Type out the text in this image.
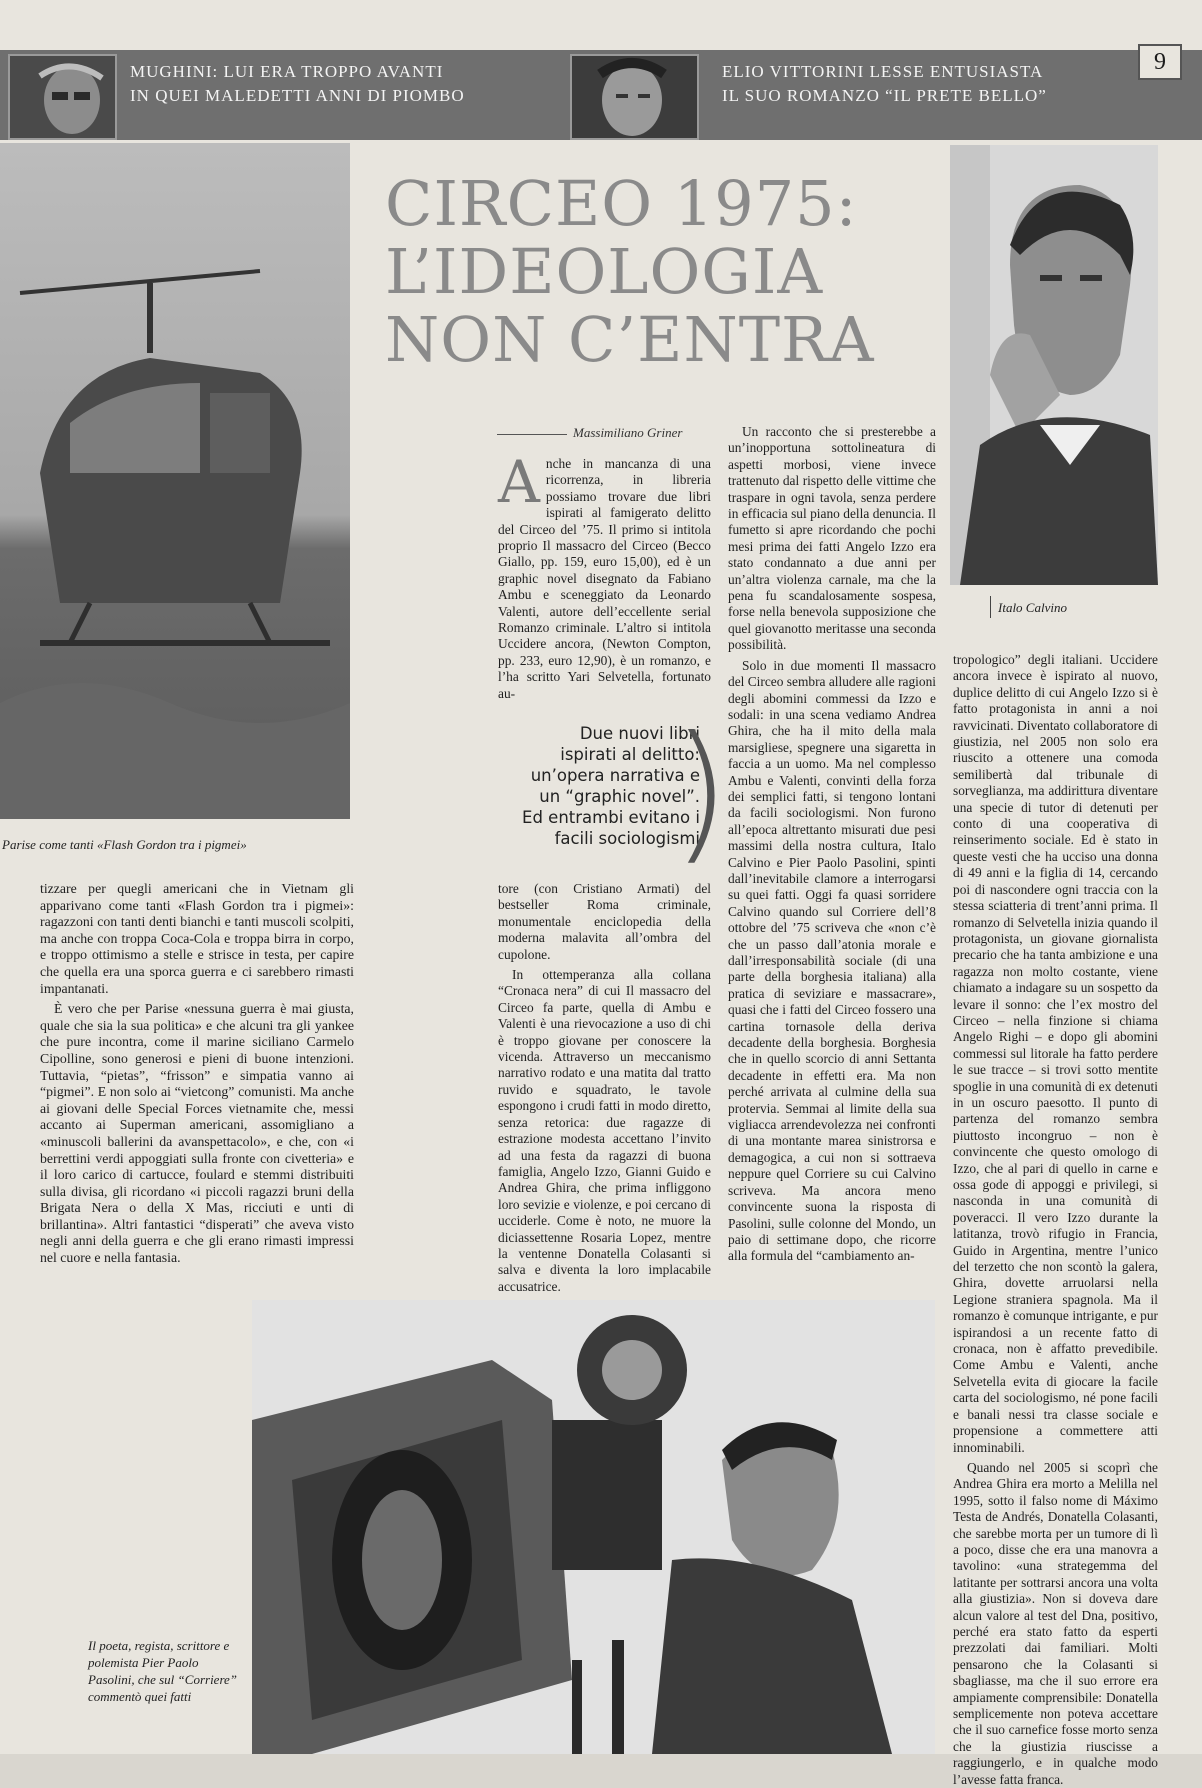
MUGHINI: LUI ERA TROPPO AVANTI
IN QUEI MALEDETTI ANNI DI PIOMBO
ELIO VITTORINI LESSE ENTUSIASTA
IL SUO ROMANZO “IL PRETE BELLO”
9
Parise come tanti «Flash Gordon tra i pigmei»
CIRCEO 1975:
L’IDEOLOGIA
NON C’ENTRA
Italo Calvino
Massimiliano Griner

Anche in mancanza di una ricorrenza, in libreria possiamo trovare due libri ispirati al famigerato delitto del Circeo del ’75. Il primo si intitola proprio Il massacro del Circeo (Becco Giallo, pp. 159, euro 15,00), ed è un graphic novel disegnato da Fabiano Ambu e sceneggiato da Leonardo Valenti, autore dell’eccellente serial Romanzo criminale. L’altro si intitola Uccidere ancora, (Newton Compton, pp. 233, euro 12,90), è un romanzo, e l’ha scritto Yari Selvetella, fortunato au-

Due nuovi libri ispirati al delitto: un’opera narrativa e un “graphic novel”. Ed entrambi evitano i facili sociologismi
)

Un racconto che si presterebbe a un’inopportuna sottolineatura di aspetti morbosi, viene invece trattenuto dal rispetto delle vittime che traspare in ogni tavola, senza perdere in efficacia sul piano della denuncia. Il fumetto si apre ricordando che pochi mesi prima dei fatti Angelo Izzo era stato condannato a due anni per un’altra violenza carnale, ma che la pena fu scandalosamente sospesa, forse nella benevola supposizione che quel giovanotto meritasse una seconda possibilità.

Solo in due momenti Il massacro del Circeo sembra alludere alle ragioni degli abomini commessi da Izzo e sodali: in una scena vediamo Andrea Ghira, che ha il mito della mala marsigliese, spegnere una sigaretta in faccia a un uomo. Ma nel complesso Ambu e Valenti, convinti della forza dei semplici fatti, si tengono lontani da facili sociologismi. Non furono all’epoca altrettanto misurati due pesi massimi della nostra cultura, Italo Calvino e Pier Paolo Pasolini, spinti dall’inevitabile clamore a interrogarsi su quei fatti. Oggi fa quasi sorridere Calvino quando sul Corriere dell’8 ottobre del ’75 scriveva che «non c’è che un passo dall’atonia morale e dall’irresponsabilità sociale (di una parte della borghesia italiana) alla pratica di seviziare e massacrare», quasi che i fatti del Circeo fossero una cartina tornasole della deriva decadente della borghesia. Borghesia che in quello scorcio di anni Settanta decadente in effetti era. Ma non perché arrivata al culmine della sua protervia. Semmai al limite della sua vigliacca arrendevolezza nei confronti di una montante marea sinistrorsa e demagogica, a cui non si sottraeva neppure quel Corriere su cui Calvino scriveva. Ma ancora meno convincente suona la risposta di Pasolini, sulle colonne del Mondo, un paio di settimane dopo, che ricorre alla formula del “cambiamento an-

tropologico” degli italiani. Uccidere ancora invece è ispirato al nuovo, duplice delitto di cui Angelo Izzo si è fatto protagonista in anni a noi ravvicinati. Diventato collaboratore di giustizia, nel 2005 non solo era riuscito a ottenere una comoda semilibertà dal tribunale di sorveglianza, ma addirittura diventare una specie di tutor di detenuti per conto di una cooperativa di reinserimento sociale. Ed è stato in queste vesti che ha ucciso una donna di 49 anni e la figlia di 14, cercando poi di nascondere ogni traccia con la stessa sciatteria di trent’anni prima. Il romanzo di Selvetella inizia quando il protagonista, un giovane giornalista precario che ha tanta ambizione e una ragazza non molto costante, viene chiamato a indagare su un sospetto da levare il sonno: che l’ex mostro del Circeo – nella finzione si chiama Angelo Righi – e dopo gli abomini commessi sul litorale ha fatto perdere le sue tracce – si trovi sotto mentite spoglie in una comunità di ex detenuti in un oscuro paesotto. Il punto di partenza del romanzo sembra piuttosto incongruo – non è convincente che questo omologo di Izzo, che al pari di quello in carne e ossa gode di appoggi e privilegi, si nasconda in una comunità di poveracci. Il vero Izzo durante la latitanza, trovò rifugio in Francia, Guido in Argentina, mentre l’unico del terzetto che non scontò la galera, Ghira, dovette arruolarsi nella Legione straniera spagnola. Ma il romanzo è comunque intrigante, e pur ispirandosi a un recente fatto di cronaca, non è affatto prevedibile. Come Ambu e Valenti, anche Selvetella evita di giocare la facile carta del sociologismo, né pone facili e banali nessi tra classe sociale e propensione a commettere atti innominabili.

Quando nel 2005 si scoprì che Andrea Ghira era morto a Melilla nel 1995, sotto il falso nome di Máximo Testa de Andrés, Donatella Colasanti, che sarebbe morta per un tumore di lì a poco, disse che era una manovra a tavolino: «una strategemma del latitante per sottrarsi ancora una volta alla giustizia». Non si doveva dare alcun valore al test del Dna, positivo, perché era stato fatto da esperti prezzolati dai familiari. Molti pensarono che la Colasanti si sbagliasse, ma che il suo errore era ampiamente comprensibile: Donatella semplicemente non poteva accettare che il suo carnefice fosse morto senza che la giustizia riuscisse a raggiungerlo, e in qualche modo l’avesse fatta franca.

tizzare per quegli americani che in Vietnam gli apparivano come tanti «Flash Gordon tra i pigmei»: ragazzoni con tanti denti bianchi e tanti muscoli scolpiti, ma anche con troppa Coca-Cola e troppa birra in corpo, e troppo ottimismo a stelle e strisce in testa, per capire che quella era una sporca guerra e ci sarebbero rimasti impantanati.

È vero che per Parise «nessuna guerra è mai giusta, quale che sia la sua politica» e che alcuni tra gli yankee che pure incontra, come il marine siciliano Carmelo Cipolline, sono generosi e pieni di buone intenzioni. Tuttavia, “pietas”, “frisson” e simpatia vanno ai “pigmei”. E non solo ai “vietcong” comunisti. Ma anche ai giovani delle Special Forces vietnamite che, messi accanto ai Superman americani, assomigliano a «minuscoli ballerini da avanspettacolo», e che, con «i berrettini verdi appoggiati sulla fronte con civetteria» e il loro carico di cartucce, foulard e stemmi distribuiti sulla divisa, gli ricordano «i piccoli ragazzi bruni della Brigata Nera o della X Mas, ricciuti e unti di brillantina». Altri fantastici “disperati” che aveva visto negli anni della guerra e che gli erano rimasti impressi nel cuore e nella fantasia.

tore (con Cristiano Armati) del bestseller Roma criminale, monumentale enciclopedia della moderna malavita all’ombra del cupolone.

In ottemperanza alla collana “Cronaca nera” di cui Il massacro del Circeo fa parte, quella di Ambu e Valenti è una rievocazione a uso di chi è troppo giovane per conoscere la vicenda. Attraverso un meccanismo narrativo rodato e una matita dal tratto ruvido e squadrato, le tavole espongono i crudi fatti in modo diretto, senza retorica: due ragazze di estrazione modesta accettano l’invito ad una festa da ragazzi di buona famiglia, Angelo Izzo, Gianni Guido e Andrea Ghira, che prima infliggono loro sevizie e violenze, e poi cercano di ucciderle. Come è noto, ne muore la diciassettenne Rosaria Lopez, mentre la ventenne Donatella Colasanti si salva e diventa la loro implacabile accusatrice.

Il poeta, regista, scrittore e polemista Pier Paolo Pasolini, che sul “Corriere” commentò quei fatti
